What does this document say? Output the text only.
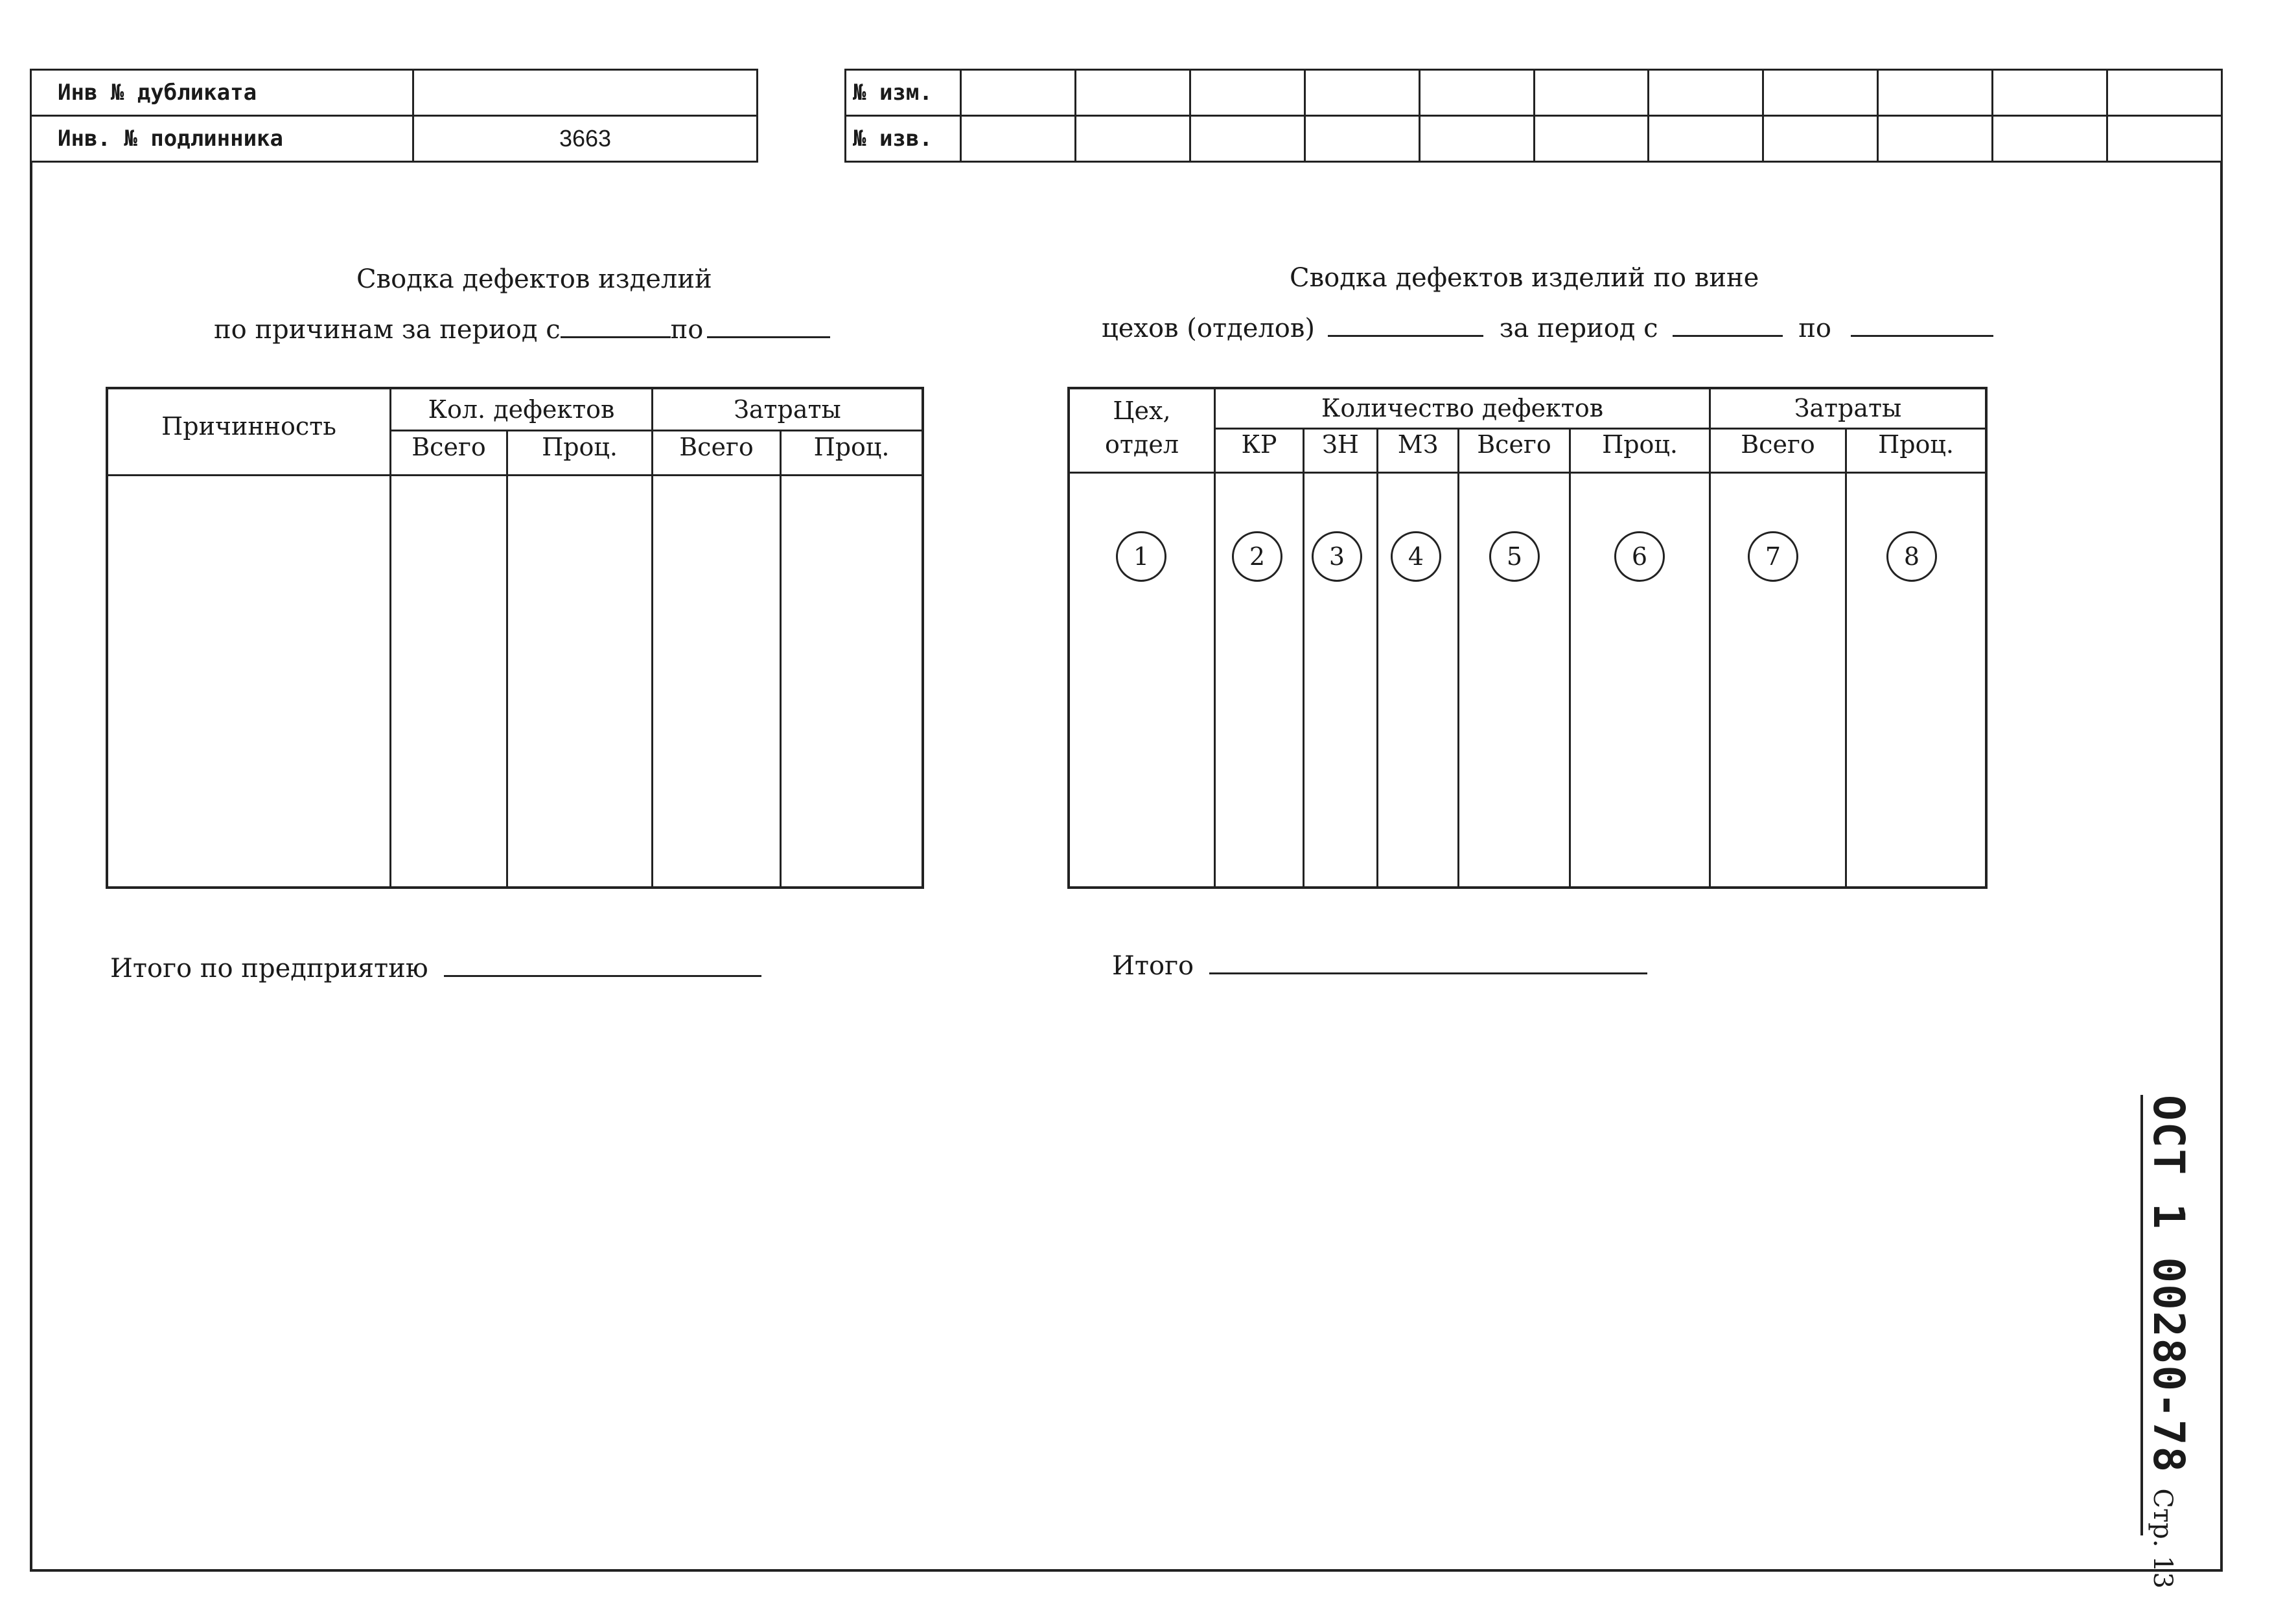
Инв № дубликата	
Инв. № подлинника	3663
№ изм.											
№ изв.											
Сводка дефектов изделий
по причинам за период с	по
Причинность
Кол. дефектов	Затраты
Всего	Проц.	Всего	Проц.
Итого по предприятию
Сводка дефектов изделий по вине
цехов (отделов)	за период с	по
Цех,
отдел
Количество дефектов	Затраты
КР	ЗН	МЗ	Всего	Проц.	Всего	Проц.
1	2	3	4	5	6	7	8
Итого
ОСТ 1 00280-78 Стр. 13
